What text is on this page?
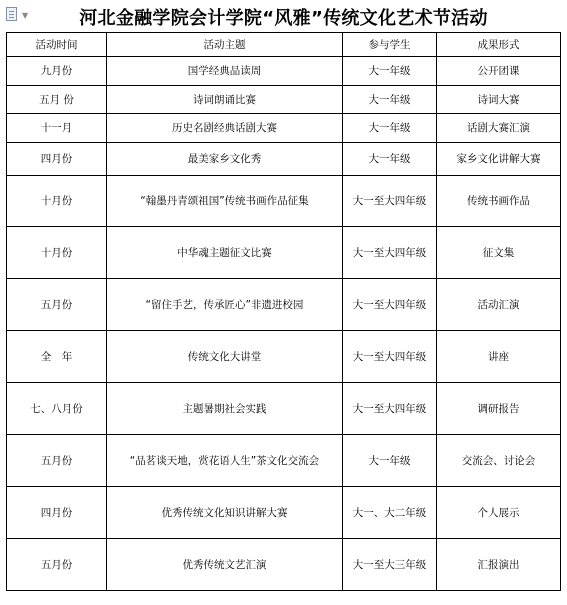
▼	河北金融学院会计学院“风雅”传统文化艺术节活动
活动时间	活动主题	参与学生	成果形式
九月份	国学经典品读周	大一年级	公开团课
五月 份	诗词朗诵比赛	大一年级	诗词大赛
十一月	历史名剧经典话剧大赛	大一年级	话剧大赛汇演
四月份	最美家乡文化秀	大一年级	家乡文化讲解大赛
十月份	“翰墨丹青颂祖国”传统书画作品征集	大一至大四年级	传统书画作品
十月份	中华魂主题征文比赛	大一至大四年级	征文集
五月份	“留住手艺，传承匠心”非遗进校园	大一至大四年级	活动汇演
全　年	传统文化大讲堂	大一至大四年级	讲座
七、八月份	主题暑期社会实践	大一至大四年级	调研报告
五月份	“品茗谈天地，赏花语人生”茶文化交流会	大一年级	交流会、讨论会
四月份	优秀传统文化知识讲解大赛	大一、大二年级	个人展示
五月份	优秀传统文艺汇演	大一至大三年级	汇报演出
